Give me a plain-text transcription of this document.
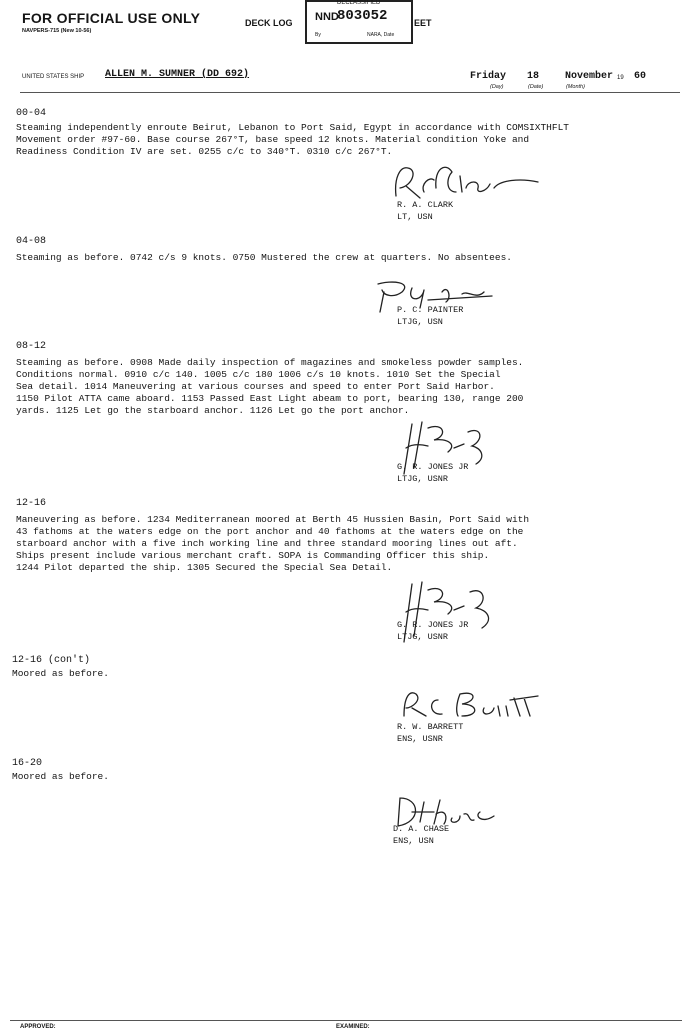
FOR OFFICIAL USE ONLY
NAVPERS-715 (New 10-56)
DECK LOG	EET
DECLASSIFIED
NND
803052
By	NARA, Date
UNITED STATES SHIP ALLEN M. SUMNER (DD 692)	Friday 18	November 19 60
(Day)	(Date)	(Month)
00-04
Steaming independently enroute Beirut, Lebanon to Port Said, Egypt in accordance with COMSIXTHFLT
Movement order #97-60. Base course 267°T, base speed 12 knots. Material condition Yoke and
Readiness Condition IV are set. 0255 c/c to 340°T. 0310 c/c 267°T.
R. A. CLARK
LT, USN
04-08
Steaming as before. 0742 c/s 9 knots. 0750 Mustered the crew at quarters. No absentees.
P. C. PAINTER
LTJG, USN
08-12
Steaming as before. 0908 Made daily inspection of magazines and smokeless powder samples.
Conditions normal. 0910 c/c 140. 1005 c/c 180 1006 c/s 10 knots. 1010 Set the Special
Sea detail. 1014 Maneuvering at various courses and speed to enter Port Said Harbor.
1150 Pilot ATTA came aboard. 1153 Passed East Light abeam to port, bearing 130, range 200
yards. 1125 Let go the starboard anchor. 1126 Let go the port anchor.
G. R. JONES JR
LTJG, USNR
12-16
Maneuvering as before. 1234 Mediterranean moored at Berth 45 Hussien Basin, Port Said with
43 fathoms at the waters edge on the port anchor and 40 fathoms at the waters edge on the
starboard anchor with a five inch working line and three standard mooring lines out aft.
Ships present include various merchant craft. SOPA is Commanding Officer this ship.
1244 Pilot departed the ship. 1305 Secured the Special Sea Detail.
G. R. JONES JR
LTJG, USNR
12-16 (con't)
Moored as before.
R. W. BARRETT
ENS, USNR
16-20
Moored as before.
D. A. CHASE
ENS, USN
APPROVED:	EXAMINED:
